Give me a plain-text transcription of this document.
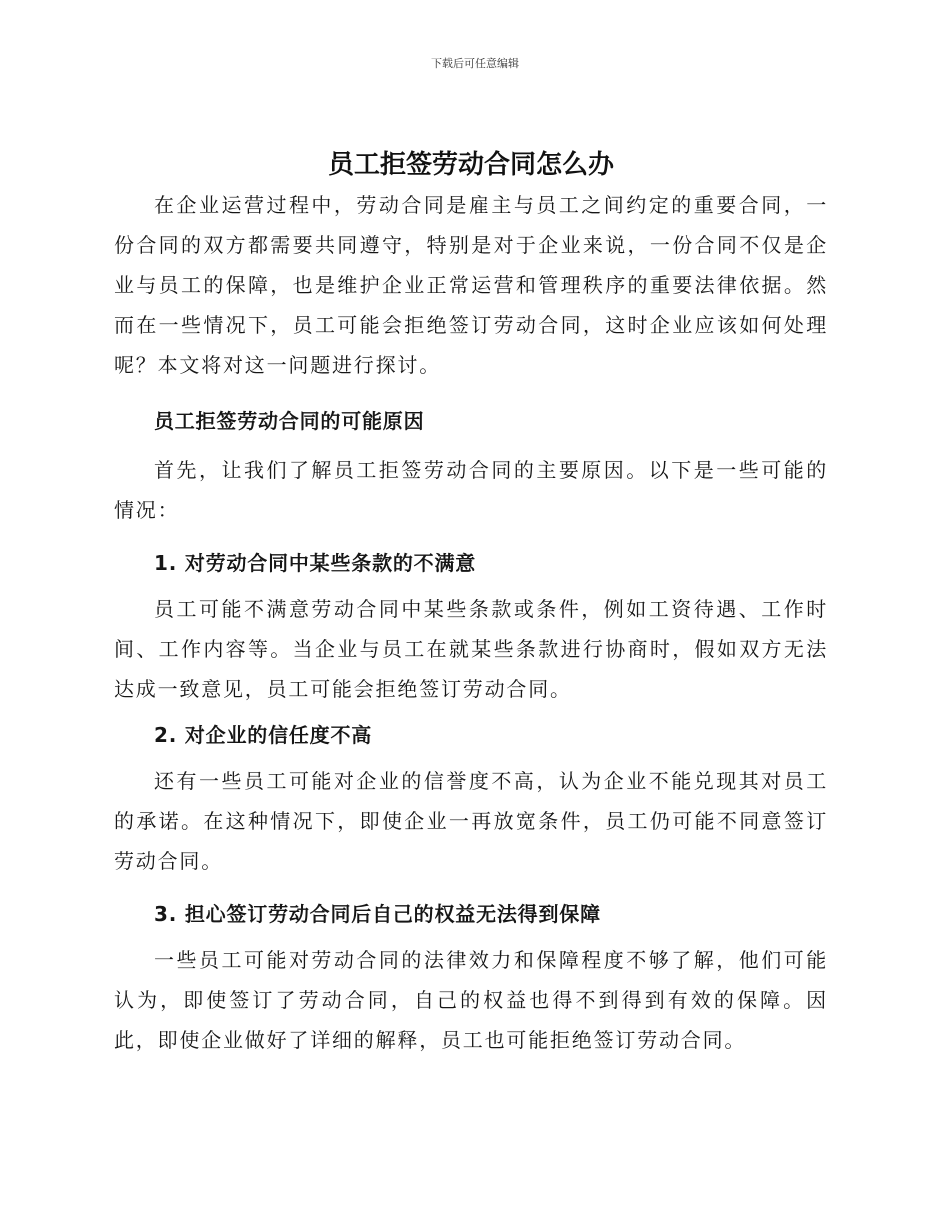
下载后可任意编辑
员工拒签劳动合同怎么办

在企业运营过程中，劳动合同是雇主与员工之间约定的重要合同，一份合同的双方都需要共同遵守，特别是对于企业来说，一份合同不仅是企业与员工的保障，也是维护企业正常运营和管理秩序的重要法律依据。然而在一些情况下，员工可能会拒绝签订劳动合同，这时企业应该如何处理呢？本文将对这一问题进行探讨。

员工拒签劳动合同的可能原因

首先，让我们了解员工拒签劳动合同的主要原因。以下是一些可能的情况：

1. 对劳动合同中某些条款的不满意

员工可能不满意劳动合同中某些条款或条件，例如工资待遇、工作时间、工作内容等。当企业与员工在就某些条款进行协商时，假如双方无法达成一致意见，员工可能会拒绝签订劳动合同。

2. 对企业的信任度不高

还有一些员工可能对企业的信誉度不高，认为企业不能兑现其对员工的承诺。在这种情况下，即使企业一再放宽条件，员工仍可能不同意签订劳动合同。

3. 担心签订劳动合同后自己的权益无法得到保障

一些员工可能对劳动合同的法律效力和保障程度不够了解，他们可能认为，即使签订了劳动合同，自己的权益也得不到得到有效的保障。因此，即使企业做好了详细的解释，员工也可能拒绝签订劳动合同。
